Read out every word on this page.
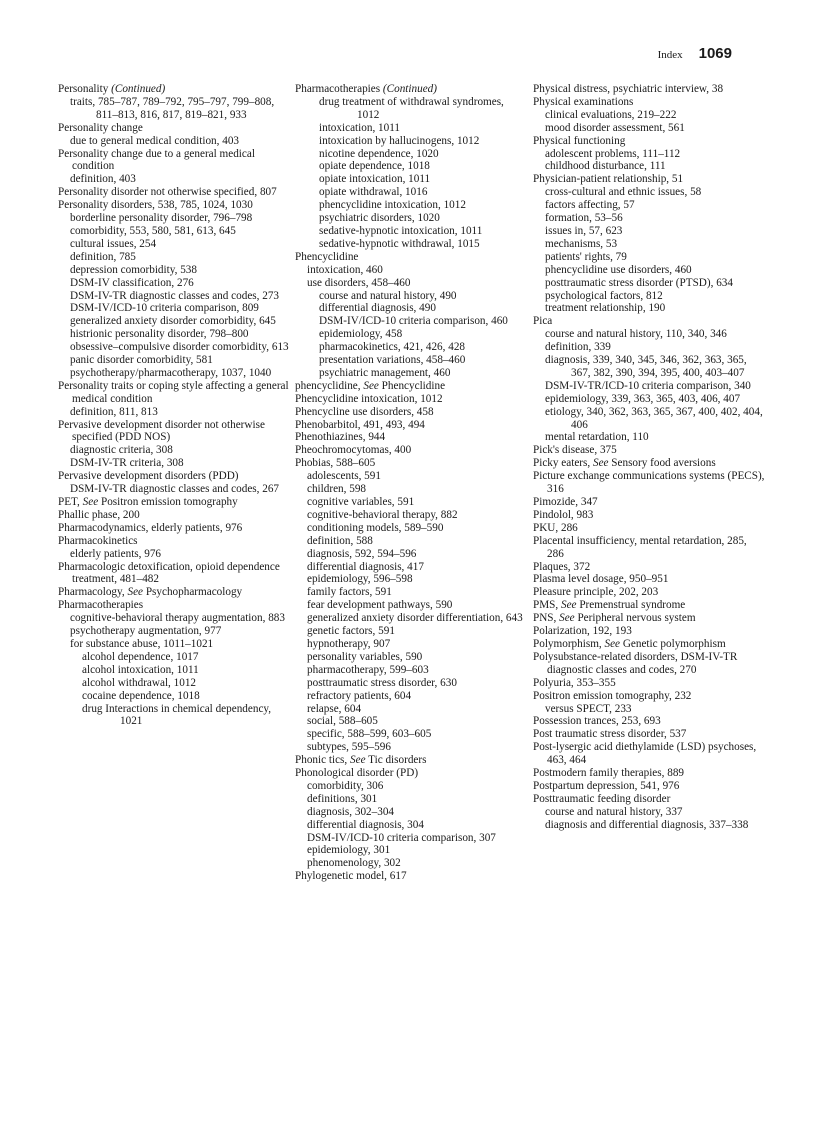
Index 1069
Personality (Continued)
traits, 785–787, 789–792, 795–797, 799–808, 811–813, 816, 817, 819–821, 933
Personality change
due to general medical condition, 403
Personality change due to a general medical condition
definition, 403
Personality disorder not otherwise specified, 807
Personality disorders, 538, 785, 1024, 1030
borderline personality disorder, 796–798
comorbidity, 553, 580, 581, 613, 645
cultural issues, 254
definition, 785
depression comorbidity, 538
DSM-IV classification, 276
DSM-IV-TR diagnostic classes and codes, 273
DSM-IV/ICD-10 criteria comparison, 809
generalized anxiety disorder comorbidity, 645
histrionic personality disorder, 798–800
obsessive–compulsive disorder comorbidity, 613
panic disorder comorbidity, 581
psychotherapy/pharmacotherapy, 1037, 1040
Personality traits or coping style affecting a general medical condition
definition, 811, 813
Pervasive development disorder not otherwise specified (PDD NOS)
diagnostic criteria, 308
DSM-IV-TR criteria, 308
Pervasive development disorders (PDD)
DSM-IV-TR diagnostic classes and codes, 267
PET, See Positron emission tomography
Phallic phase, 200
Pharmacodynamics, elderly patients, 976
Pharmacokinetics
elderly patients, 976
Pharmacologic detoxification, opioid dependence treatment, 481–482
Pharmacology, See Psychopharmacology
Pharmacotherapies
cognitive-behavioral therapy augmentation, 883
psychotherapy augmentation, 977
for substance abuse, 1011–1021
alcohol dependence, 1017
alcohol intoxication, 1011
alcohol withdrawal, 1012
cocaine dependence, 1018
drug Interactions in chemical dependency, 1021
Pharmacotherapies (Continued)
drug treatment of withdrawal syndromes, 1012
intoxication, 1011
intoxication by hallucinogens, 1012
nicotine dependence, 1020
opiate dependence, 1018
opiate intoxication, 1011
opiate withdrawal, 1016
phencyclidine intoxication, 1012
psychiatric disorders, 1020
sedative-hypnotic intoxication, 1011
sedative-hypnotic withdrawal, 1015
Phencyclidine
intoxication, 460
use disorders, 458–460
course and natural history, 490
differential diagnosis, 490
DSM-IV/ICD-10 criteria comparison, 460
epidemiology, 458
pharmacokinetics, 421, 426, 428
presentation variations, 458–460
psychiatric management, 460
phencyclidine, See Phencyclidine
Phencyclidine intoxication, 1012
Phencycline use disorders, 458
Phenobarbitol, 491, 493, 494
Phenothiazines, 944
Pheochromocytomas, 400
Phobias, 588–605
adolescents, 591
children, 598
cognitive variables, 591
cognitive-behavioral therapy, 882
conditioning models, 589–590
definition, 588
diagnosis, 592, 594–596
differential diagnosis, 417
epidemiology, 596–598
family factors, 591
fear development pathways, 590
generalized anxiety disorder differentiation, 643
genetic factors, 591
hypnotherapy, 907
personality variables, 590
pharmacotherapy, 599–603
posttraumatic stress disorder, 630
refractory patients, 604
relapse, 604
social, 588–605
specific, 588–599, 603–605
subtypes, 595–596
Phonic tics, See Tic disorders
Phonological disorder (PD)
comorbidity, 306
definitions, 301
diagnosis, 302–304
differential diagnosis, 304
DSM-IV/ICD-10 criteria comparison, 307
epidemiology, 301
phenomenology, 302
Phylogenetic model, 617
Physical distress, psychiatric interview, 38
Physical examinations
clinical evaluations, 219–222
mood disorder assessment, 561
Physical functioning
adolescent problems, 111–112
childhood disturbance, 111
Physician-patient relationship, 51
cross-cultural and ethnic issues, 58
factors affecting, 57
formation, 53–56
issues in, 57, 623
mechanisms, 53
patients' rights, 79
phencyclidine use disorders, 460
posttraumatic stress disorder (PTSD), 634
psychological factors, 812
treatment relationship, 190
Pica
course and natural history, 110, 340, 346
definition, 339
diagnosis, 339, 340, 345, 346, 362, 363, 365, 367, 382, 390, 394, 395, 400, 403–407
DSM-IV-TR/ICD-10 criteria comparison, 340
epidemiology, 339, 363, 365, 403, 406, 407
etiology, 340, 362, 363, 365, 367, 400, 402, 404, 406
mental retardation, 110
Pick's disease, 375
Picky eaters, See Sensory food aversions
Picture exchange communications systems (PECS), 316
Pimozide, 347
Pindolol, 983
PKU, 286
Placental insufficiency, mental retardation, 285, 286
Plaques, 372
Plasma level dosage, 950–951
Pleasure principle, 202, 203
PMS, See Premenstrual syndrome
PNS, See Peripheral nervous system
Polarization, 192, 193
Polymorphism, See Genetic polymorphism
Polysubstance-related disorders, DSM-IV-TR diagnostic classes and codes, 270
Polyuria, 353–355
Positron emission tomography, 232
versus SPECT, 233
Possession trances, 253, 693
Post traumatic stress disorder, 537
Post-lysergic acid diethylamide (LSD) psychoses, 463, 464
Postmodern family therapies, 889
Postpartum depression, 541, 976
Posttraumatic feeding disorder
course and natural history, 337
diagnosis and differential diagnosis, 337–338
